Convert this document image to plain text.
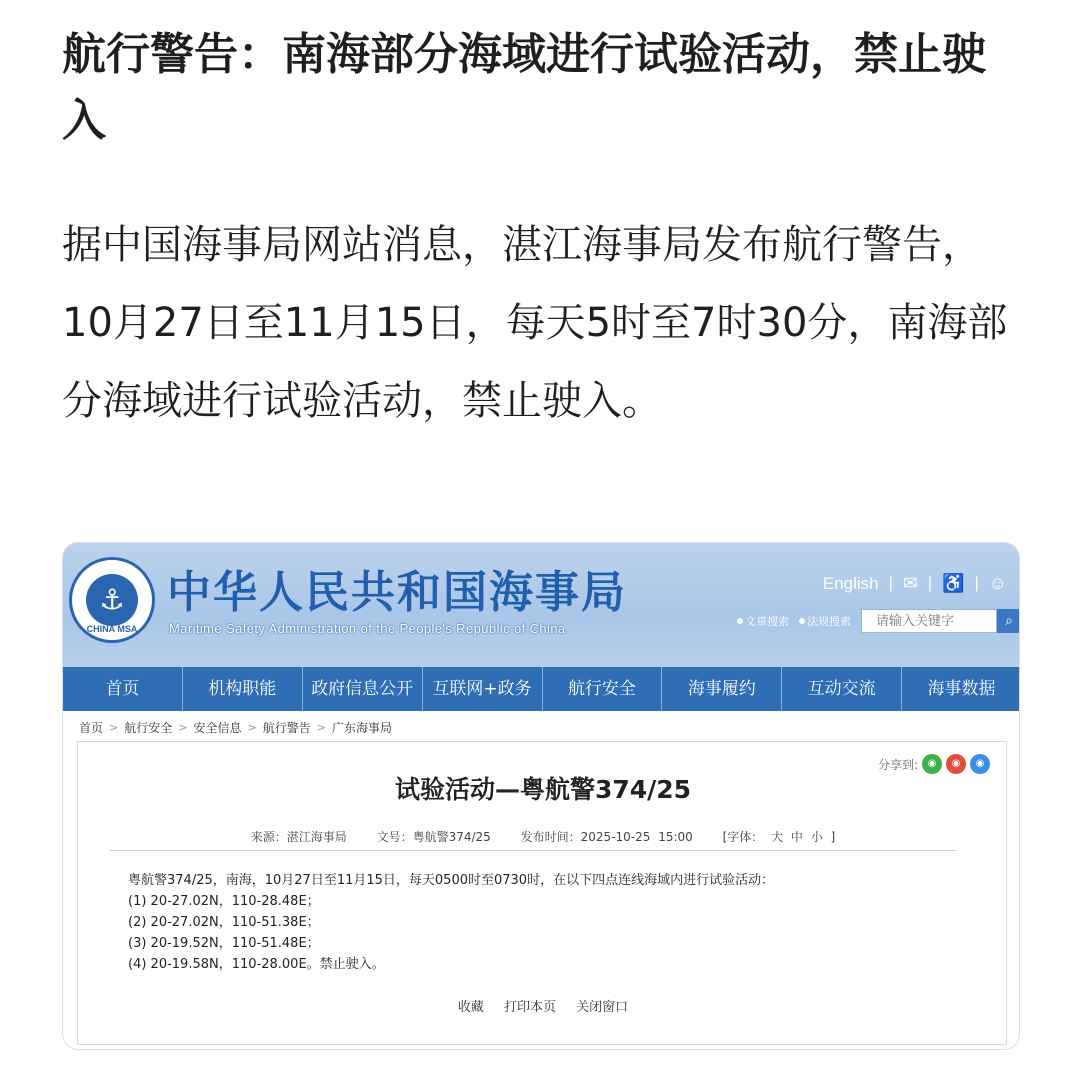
航行警告：南海部分海域进行试验活动，禁止驶入
据中国海事局网站消息，湛江海事局发布航行警告，10月27日至11月15日，每天5时至7时30分，南海部分海域进行试验活动，禁止驶入。
⚓
CHINA MSA
中华人民共和国海事局
Maritime Safety Administration of the People's Republic of China
English | ✉ | ♿ | ☺
文章搜索 法规搜索
请输入关键字	⌕
首页	机构职能	政府信息公开	互联网+政务	航行安全	海事履约	互动交流	海事数据
首页 > 航行安全 > 安全信息 > 航行警告 > 广东海事局
分享到: ◉	◉	◉
试验活动—粤航警374/25
来源：湛江海事局 文号：粤航警374/25 发布时间：2025-10-25 15:00 [字体： 大 中 小 ]
粤航警374/25，南海，10月27日至11月15日，每天0500时至0730时，在以下四点连线海域内进行试验活动：
(1) 20-27.02N，110-28.48E；
(2) 20-27.02N，110-51.38E；
(3) 20-19.52N，110-51.48E；
(4) 20-19.58N，110-28.00E。禁止驶入。
收藏 打印本页 关闭窗口
